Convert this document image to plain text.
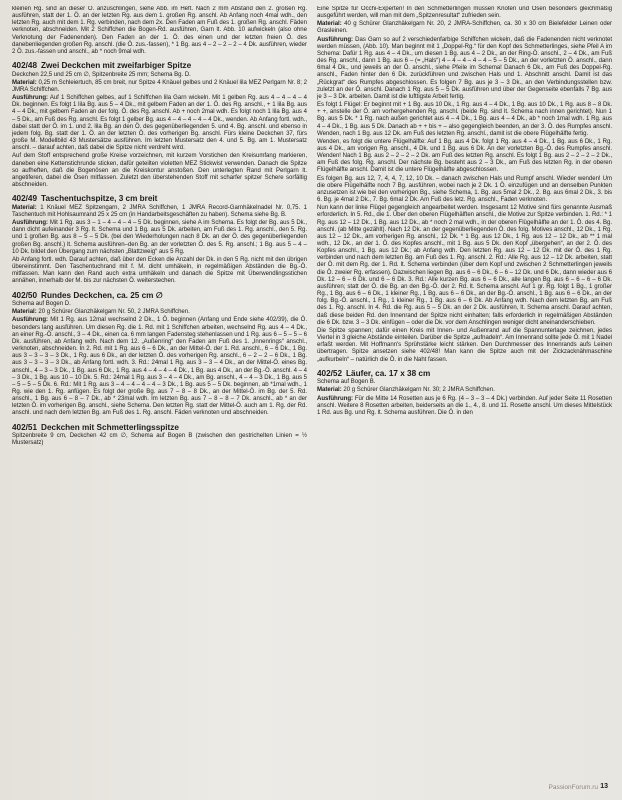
kleinen Rg. sind an dieser Ö. anzuschlingen, siehe Abb. im Heft. Nach 2 mm Abstand den 2. großen Rg. ausführen, statt der 1. Ö. an der letzten Rg. aus dem 1. großen Rg. anschl. Ab Anfang noch 4mal wdh., den letzten Rg. auch mit dem 1. Rg. verbinden, nach dem 2x. Den Faden am Fuß des 1. großen Rg. anschl. Fäden verknoten, abschneiden. Mit 2 Schiffchen die Bogen-Rd. ausführen, Garn lt. Abb. 10 aufwickeln (also ohne Verknotung der Fadenenden). Den Faden an der 1. Ö. des einen und der letzten freien Ö. des danebenliegenden großen Rg. anschl. (die Ö. zus.-fassen), * 1 Bg. aus 4 – 2 – 2 – 2 – 4 Dk. ausführen, wieder 2 Ö. zus.-fassen und anschl., ab * noch 9mal wdh.

402/48 Zwei Deckchen mit zweifarbiger Spitze

Deckchen 22,5 und 25 cm ∅, Spitzenbreite 25 mm; Schema Bg. D.

Material: 0,25 m Schleiertuch, 85 cm breit, nur Spitze 4 Knäuel gelbes und 2 Knäuel lila MEZ Perlgarn Nr. 8; 2 JMRA Schiffchen.

Ausführung: Auf 1 Schiffchen gelbes, auf 1 Schiffchen lila Garn wickeln. Mit 1 gelben Rg. aus 4 – 4 – 4 – 4 Dk. beginnen. Es folgt 1 lila Bg. aus 5 – 4 Dk., mit gelbem Faden an der 1. Ö. des Rg. anschl., + 1 lila Bg. aus 4 – 4 Dk., mit gelbem Faden an der folg. Ö. des Rg. anschl. Ab + noch 2mal wdh. Es folgt noch 1 lila Bg. aus 4 – 5 Dk., am Fuß des Rg. anschl. Es folgt 1 gelber Bg. aus 4 – 4 – 4 – 4 – 4 Dk., wenden. Ab Anfang fortl. wdh., dabei statt der Ö. im 1. und 2. lila Bg. an den Ö. des gegenüberliegenden 5. und 4. Bg. anschl. und ebenso in jedem folg. Bg. statt der 1. Ö. an der letzten Ö. des vorherigen Bg. anschl. Fürs kleine Deckchen 37, fürs große M. Modellbild 43 Mustersätze ausführen. Im letzten Mustersatz den 4. und 5. Bg. am 1. Mustersatz anschl. – darauf achten, daß dabei die Spitze nicht verdreht wird.

Auf dem Stoff entsprechend große Kreise vorzeichnen, mit kurzem Vorstichen den Kreisumfang markieren, daneben eine Kettenstichrunde sticken, dafür geteilten violetten MEZ Stickwist verwenden. Danach die Spitze so aufheften, daß die Bogenösen an die Kreiskontur anstoßen. Den unterlegten Rand mit Perlgarn lt. angetiferen, dabei die Ösen mitfassen. Zuletzt den überstehenden Stoff mit scharfer spitzer Schere sorfältig abschneiden.

402/49 Taschentuchspitze, 3 cm breit

Material: 1 Knäuel MEZ Spitzengarn, 2 JMRA Schiffchen, 1 JMRA Record-Garnhäkelnadel Nr. 0,75. 1 Taschentuch mit Hohlsaumrand 25 x 25 cm (in Handarbeitsgeschäften zu haben). Schema siehe Bg. B.

Ausführung: Mit 1 Rg. aus 3 – 1 – 4 – 4 – 4 – 5 Dk. beginnen, siehe A im Schema. Es folgt der Bg. aus 5 Dk., dann dicht aufeinander 3 Rg. lt. Schema und 1 Bg. aus 5 Dk. arbeiten, am Fuß des 1. Rg. anschl., den 5. Rg. und 1 großen Bg. aus 8 – 5 – 5 Dk. (bei den Wiederholungen nach 8 Dk. an der Ö. des gegenüberliegenden großen Bg. anschl.) lt. Schema ausführen–den Bg. an der vorletzten Ö. des 5. Rg. anschl.; 1 Bg. aus 5 – 4 – 10 Dk. bildet den Übergang zum nächsten „Blattzweig“ aus 5 Rg.

Ab Anfang fortl. wdh. Darauf achten, daß über den Ecken die Anzahl der Dk. in den 5 Rg. nicht mit den übrigen übereinstimmt. Den Taschentuchrand mit f. M. dicht umhäkeln, in regelmäßigen Abständen die Bg.-Ö. mitfassen. Man kann den Rand auch extra umhäkeln und danach die Spitze mit Überwendlingsstichen annähen, innerhalb der M. bis zur nächsten Ö. weiterstechen.

402/50 Rundes Deckchen, ca. 25 cm ∅

Schema auf Bogen D.

Material: 20 g Schürer Glanzhäkelgarn Nr. 50, 2 JMRA Schiffchen.

Ausführung: Mit 1 Rg. aus 12mal wechselnd 2 Dk., 1 Ö. beginnen (Anfang und Ende siehe 402/39), die Ö. besonders lang ausführen. Um diesen Rg. die 1. Rd. mit 1 Schiffchen arbeiten, wechselnd Rg. aus 4 – 4 Dk., an einer Rg.-Ö. anschl., 3 – 4 Dk., einen ca. 6 mm langen Fadensteg stehenlassen und 1 Rg. aus 6 – 5 – 5 – 6 Dk. ausführen, ab Anfang wdh. Nach dem 12. „Außenring“ den Faden am Fuß des 1. „Innenrings“ anschl., verknoten, abschneiden. In 2. Rd. mit 1 Rg. aus 6 – 6 Dk., an der Mittel-Ö. der 1. Rd. anschl., 6 – 6 Dk., 1 Bg. aus 3 – 3 – 3 – 3 Dk., 1 Rg. aus 6 Dk., an der letzten Ö. des vorherigen Rg. anschl., 6 – 2 – 2 – 6 Dk., 1 Bg. aus 3 – 3 – 3 – 3 Dk., ab Anfang fortl. wdh. 3. Rd.: 24mal 1 Rg. aus 3 – 3 – 4 Dk., an der Mittel-Ö. eines Bg. anschl., 4 – 3 – 3 Dk., 1 Bg. aus 6 Dk., 1 Rg. aus 4 – 4 – 4 – 4 Dk., 1 Bg. aus 4 Dk., an der Bg.-Ö. anschl. 4 – 4 – 3 Dk., 1 Bg. aus 10 – 10 Dk. 5. Rd.: 24mal 1 Rg. aus 3 – 4 – 4 Dk., am Bg. anschl., 4 – 4 – 3 Dk., 1 Bg. aus 5 – 5 – 5 – 5 Dk. 6. Rd.: Mit 1 Rg. aus 3 – 4 – 4 – 4 – 4 – 3 Dk., 1 Bg. aus 5 – 5 Dk. beginnen, ab *1mal wdh., 1 Rg. wie den 1. Rg. anfügen. Es folgt der große Bg. aus 7 – 8 – 8 Dk., an der Mittel-Ö. im Bg. der 5. Rd. anschl., 1 Bg. aus 6 – 8 – 7 Dk., ab * 23mal wdh. Im letzten Bg. aus 7 – 8 – 8 – 7 Dk. anschl., ab * an der letzten Ö. im vorherigen Bg. anschl., siehe Schema. Den letzten Rg. statt der Mittel-Ö. auch am 1. Rg. der Rd. anschl. und nach dem letzten Bg. am Fuß des 1. Rg. anschl. Fäden verknoten und abschneiden.

402/51 Deckchen mit Schmetterlingsspitze

Spitzenbreite 9 cm, Deckchen 42 cm ∅, Schema auf Bogen B (zwischen den gestrichelten Linien = ½ Mustersatz)

Eine Spitze für Occhi-Experten! In den Schmetterlingen müssen Knoten und Ösen besonders gleichmäßig ausgeführt werden, will man mit dem „Spitzenresultat“ zufrieden sein.

Material: 40 g Schürer Glanzhäkelgarn Nr. 20, 2 JMRA-Schiffchen, ca. 30 x 30 cm Bielefelder Leinen oder Grasleinen.

Ausführung: Das Garn so auf 2 verschiedenfarbige Schiffchen wickeln, daß die Fadenenden nicht verknotet werden müssen, (Abb. 10). Man beginnt mit 1 „Doppel-Rg.“ für den Kopf des Schmetterlinges, siehe Pfeil A im Schema: Dafür 1 Rg. aus 4 – 4 Dk., um diesen 1 Bg. aus 4 – 2 Dk., an der Ring-Ö. anschl., 2 – 4 Dk., am Fuß des Rg. anschl., dann 1 Bg. aus 6 – (= „Hals“) 4 – 4 – 4 – 4 – 4 – 5 – 5 Dk., an der vorletzten Ö. anschl., dann 6mal 4 Dk., und jeweils an der Ö. anschl., siehe Pfeile im Schema! Danach 6 Dk., am Fuß des Doppel-Rg. anschl., Faden hinter den 6 Dk. zurückführen und zwischen Hals und 1. Abschnitt anschl. Damit ist das „Rückgrat“ des Rumpfes abgeschlossen. Es folgen 7 Bg. aus je 3 – 3 Dk., an den Verbindungsstellen bzw. zuletzt an der Ö. anschl. Danach 1 Rg. aus 5 – 5 Dk. ausführen und über der Gegenseite ebenfalls 7 Bg. aus je 3 – 3 Dk. arbeiten. Damit ist die lufttigste Arbeit fertig.

Es folgt 1 Flügel: Er beginnt mit + 1 Bg. aus 10 Dk., 1 Rg. aus 4 – 4 Dk., 1 Bg. aus 10 Dk., 1 Rg. aus 8 – 8 Dk. + +, anstelle der Ö. am vorhergehenden Rg. anschl. (beide Rg. sind lt. Schema nach innen gerichtet). Nun 1 Bg. aus 5 Dk. * 1 Rg. nach außen gerichtet aus 4 – 4 Dk., 1 Bg. aus 4 – 4 Dk., ab * noch 1mal wdh. 1 Rg. aus 4 – 4 Dk., 1 Bg. aus 5 Dk. Danach ab + + bis + – also gegengleich beenden, an der 3. Ö. des Rumpfes anschl. Wenden, nach 1 Bg. aus 12 Dk. am Fuß des letzten Rg. anschl., damit ist die obere Flügelhälfte fertig.

Wenden, es folgt die untere Flügelhälfte: Auf 1 Bg. aus 4 Dk. folgt 1 Rg. aus 4 – 4 Dk., 1 Bg. aus 6 Dk., 1 Rg. aus 4 Dk., am vorigen Rg. anschl., 4 Dk. und 1 Bg. aus 6 Dk. An der vorletzten Bg.-Ö. des Rumpfes anschl. Wenden! Nach 1 Bg. aus 2 – 2 – 2 – 2 Dk. am Fuß des letzten Rg. anschl. Es folgt 1 Bg. aus 2 – 2 – 2 – 2 Dk., am Fuß des folg. Rg. anschl. Der nächste Bg. besteht aus 2 – 3 Dk., am Fuß des letzten Rg. in der oberen Flügelhälfte anschl. Damit ist die untere Flügelhälfte abgeschlossen.

Es folgen Bg. aus 12, 7, 4, 4, 7, 12, 10 Dk. – danach zwischen Hals und Rumpf anschl. Wieder wenden! Um die obere Flügelhälfte noch 7 Bg. ausführen, wobei nach je 2 Dk. 1 Ö. einzufügen und an denselben Punkten anzusetzen ist wie bei den vorherigen Bg., siehe Schema, 1. Bg. aus 5mal 2 Dk., 2. Bg. aus 6mal 2 Dk., 3. bis 6. Bg. je 4mal 2 Dk., 7. Bg. 6mal 2 Dk. Am Fuß des letz. Rg. anschl., Faden verknoten.

Nun kann der linke Flügel gegengleich angearbeitet werden. Insgesamt 12 Motive sind fürs genannte Ausmaß erforderlich. In 5. Rd., die 1. Über den oberen Flügelhälften anschl., die Motive zur Spitze verbinden. 1. Rd.: * 1 Rg. aus 12 – 12 Dk., 1 Bg. aus 12 Dk., ab * noch 2 mal wdh., in der oberen Flügelhälfte an der 1. Ö. des 4. Bg. anschl. (ab Mitte gezählt). Nach 12 Dk. an der gegenüberliegenden Ö. des folg. Motives anschl., 12 Dk., 1 Rg. aus 12 – 12 Dk., am vorherigen Rg. anschl., 12 Dk. * 1 Bg. aus 12 Dk., 1 Rg. aus 12 – 12 Dk., ab ** 1 mal wdh., 12 Dk., an der 1. Ö. des Kopfes anschl., mit 1 Bg. aus 5 Dk. den Kopf „übergehen“, an der 2. Ö. des Kopfes anschl., 1 Bg. aus 12 Dk.; ab Anfang wdh. Den letzten Rg. aus 12 – 12 Dk. mit der Ö. des 1 Rg. verbinden und nach dem letzten Bg. am Fuß des 1. Rg. anschl. 2. Rd.: Alle Rg. aus 12 – 12 Dk. arbeiten, statt der Ö. mit dem Rg. der 1. Rd. lt. Schema verbinden (über dem Kopf und zwischen 2 Schmetterlingen jeweils die Ö. zweier Rg. erfassen). Dazwischen liegen Bg. aus 6 – 6 Dk., 6 – 6 – 12 Dk. und 6 Dk., dann wieder aus 6 Dk. 12 – 6 – 6 Dk. und 6 – 6 Dk. 3. Rd.: Alle kurzen Bg. aus 6 – 6 Dk., alle langen Bg. aus 6 – 6 – 6 – 6 Dk. ausführen; statt der Ö. die Bg. an den Bg.-Ö. der 2. Rd. lt. Schema anschl. Auf 1 gr. Rg. folgt 1 Bg., 1 großer Rg., 1 Bg. aus 6 – 6 Dk., 1 kleiner Rg., 1 Bg. aus 6 – 6 Dk., an der Bg.-Ö. anschl., 1 Bg. aus 6 – 6 Dk., an der folg. Bg.-Ö. anschl., 1 Rg., 1 kleiner Rg., 1 Bg. aus 6 – 6 Dk. Ab Anfang wdh. Nach dem letzten Bg. am Fuß des 1. Rg. anschl. In 4. Rd. die Rg. aus 5 – 5 Dk. an der 2 Dk. ausführen, lt. Schema anschl. Darauf achten, daß diese beiden Rd. den Innenrand der Spitze nicht einhalten; falls erforderlich in regelmäßigen Abständen die 6 Dk. bzw. 3 – 3 Dk. einfügen – oder die Dk. vor dem Anschlingen weniger dicht aneinanderschieben.

Die Spitze spannen; dafür einen Kreis mit Innen- und Außenrand auf die Spannunterlage zeichnen, jedes Viertel in 3 gleiche Abstände einteilen. Darüber die Spitze „aufnadeln“. Am Innenrand sollte jede Ö. mit 1 Nadel erfaßt werden. Mit Hoffmann's Sprühstärke leicht stärken. Den Durchmesser des Innenrands aufs Leinen übertragen. Spitze ansetzen siehe 402/48! Man kann die Spitze auch mit der Zickzacknähmaschine „aufkurbeln“ – natürlich die Ö. in die Naht fassen.

402/52 Läufer, ca. 17 x 38 cm

Schema auf Bogen B.

Material: 20 g Schürer Glanzhäkelgarn Nr. 30; 2 JMRA Schiffchen.

Ausführung: Für die Mitte 14 Rosetten aus je 6 Rg. (4 – 3 – 3 – 4 Dk.) verbinden. Auf jeder Seite 11 Rosetten anschl. Weitere 8 Rosetten arbeiten, beiderseits an die 1., 4., 8. und 11. Rosette anschl. Um dieses Mittelstück 1 Rd. aus Bg. und Rg. lt. Schema ausführen. Die Ö. in den

PassionForum.ru 13
